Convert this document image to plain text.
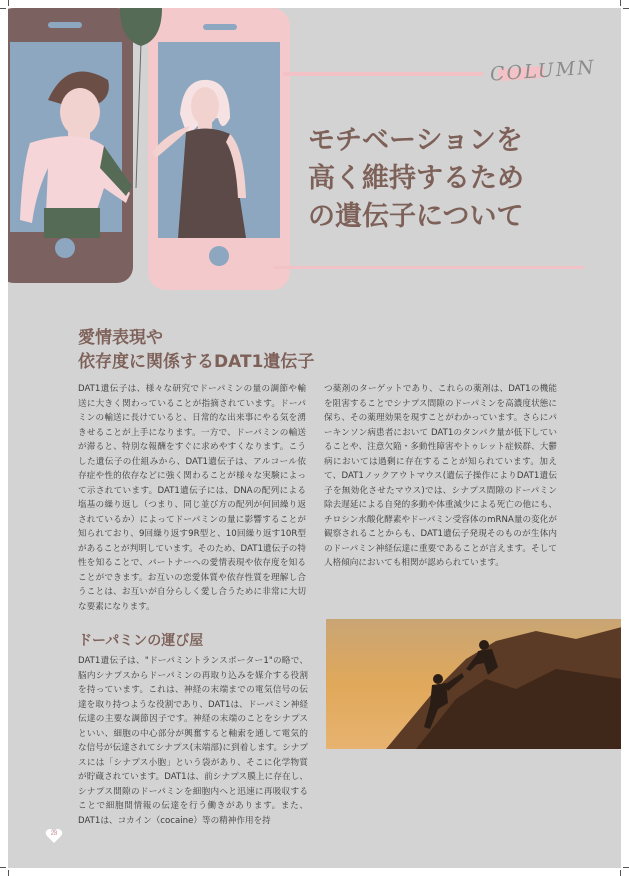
COLUMN
モチベーションを
高く維持するため
の遺伝子について
愛情表現や
依存度に関係するDAT1遺伝子

DAT1遺伝子は、様々な研究でドーパミンの量の調節や輸送に大きく関わっていることが指摘されています。ドーパミンの輸送に長けていると、日常的な出来事にやる気を湧きせることが上手になります。一方で、ドーパミンの輸送が滞ると、特別な報酬をすぐに求めやすくなります。こうした遺伝子の仕組みから、DAT1遺伝子は、アルコール依存症や性的依存などに強く関わることが様々な実験によって示されています。DAT1遺伝子には、DNAの配列による塩基の繰り返し（つまり、同じ並び方の配列が何回繰り返されているか）によってドーパミンの量に影響することが知られており、9回繰り返す9R型と、10回繰り返す10R型があることが判明しています。そのため、DAT1遺伝子の特性を知ることで、パートナーへの愛情表現や依存度を知ることができます。お互いの恋愛体質や依存性質を理解し合うことは、お互いが自分らしく愛し合うために非常に大切な要素になります。

つ薬剤のターゲットであり、これらの薬剤は、DAT1の機能を阻害することでシナプス間隙のドーパミンを高濃度状態に保ち、その薬理効果を現すことがわかっています。さらにパーキンソン病患者において DAT1のタンパク量が低下していることや、注意欠陥・多動性障害やトゥレット症候群、大鬱病においては過剰に存在することが知られています。加えて、DAT1ノックアウトマウス(遺伝子操作によりDAT1遺伝子を無効化させたマウス)では、シナプス間隙のドーパミン除去遅延による自発的多動や体重減少による死亡の他にも、チロシン水酸化酵素やドーパミン受容体のmRNA量の変化が観察されることからも、DAT1遺伝子発現そのものが生体内のドーパミン神経伝達に重要であることが言えます。そして人格傾向においても相関が認められています。

ドーパミンの運び屋

DAT1遺伝子は、"ドーパミントランスポーター1"の略で、脳内シナプスからドーパミンの再取り込みを媒介する役割を持っています。これは、神経の末端までの電気信号の伝達を取り持つような役割であり、DAT1は、ドーパミン神経伝達の主要な調節因子です。神経の末端のことをシナプスといい、細胞の中心部分が興奮すると軸索を通して電気的な信号が伝達されてシナプス(末端部)に到着します。シナプスには「シナプス小胞」という袋があり、そこに化学物質が貯蔵されています。DAT1は、前シナプス膜上に存在し、シナプス間隙のドーパミンを細胞内へと迅速に再吸収することで細胞間情報の伝達を行う働きがあります。また、DAT1は、コカイン（cocaine）等の精神作用を持

28
